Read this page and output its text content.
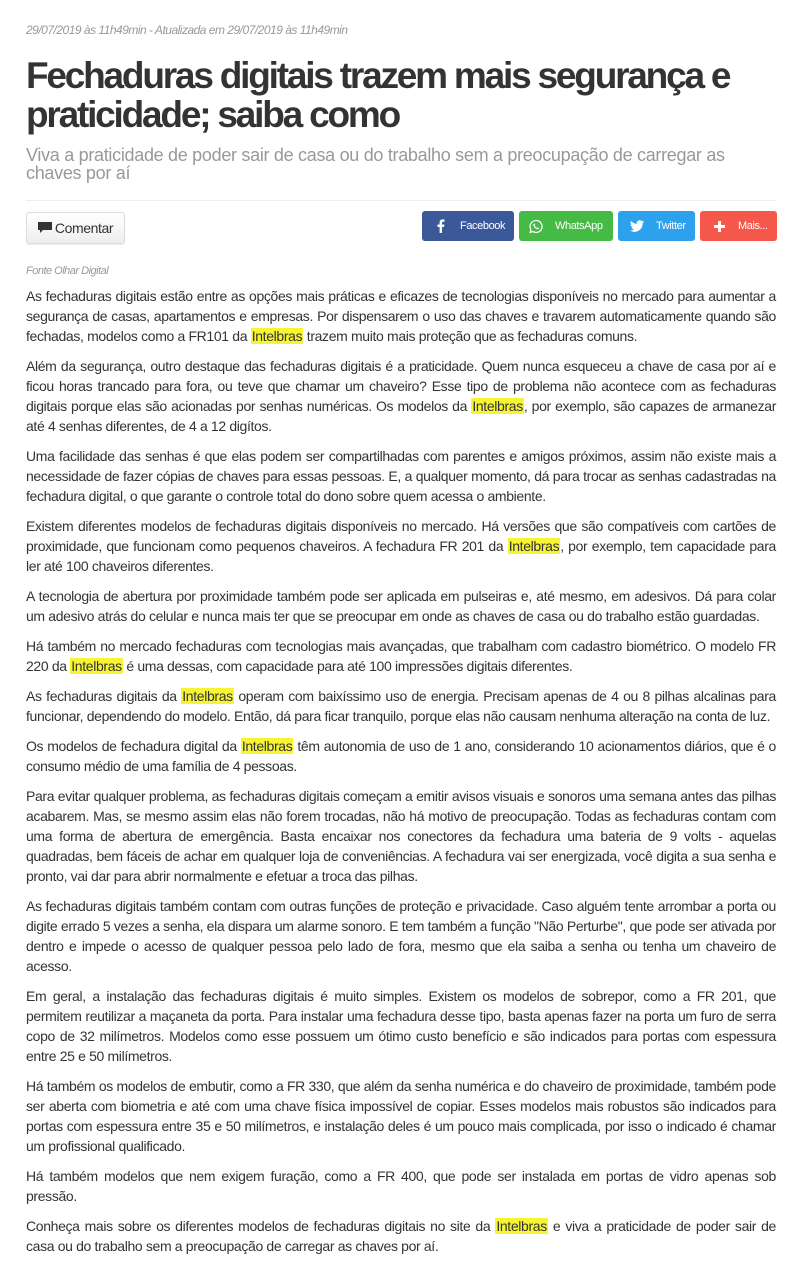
29/07/2019 às 11h49min - Atualizada em 29/07/2019 às 11h49min
Fechaduras digitais trazem mais segurança e praticidade; saiba como

Viva a praticidade de poder sair de casa ou do trabalho sem a preocupação de carregar as chaves por aí

Comentar	Facebook	WhatsApp	Twitter	Mais...
Fonte Olhar Digital

As fechaduras digitais estão entre as opções mais práticas e eficazes de tecnologias disponíveis no mercado para aumentar a segurança de casas, apartamentos e empresas. Por dispensarem o uso das chaves e travarem automaticamente quando são fechadas, modelos como a FR101 da Intelbras trazem muito mais proteção que as fechaduras comuns.

Além da segurança, outro destaque das fechaduras digitais é a praticidade. Quem nunca esqueceu a chave de casa por aí e ficou horas trancado para fora, ou teve que chamar um chaveiro? Esse tipo de problema não acontece com as fechaduras digitais porque elas são acionadas por senhas numéricas. Os modelos da Intelbras, por exemplo, são capazes de armanezar até 4 senhas diferentes, de 4 a 12 digítos.

Uma facilidade das senhas é que elas podem ser compartilhadas com parentes e amigos próximos, assim não existe mais a necessidade de fazer cópias de chaves para essas pessoas. E, a qualquer momento, dá para trocar as senhas cadastradas na fechadura digital, o que garante o controle total do dono sobre quem acessa o ambiente.

Existem diferentes modelos de fechaduras digitais disponíveis no mercado. Há versões que são compatíveis com cartões de proximidade, que funcionam como pequenos chaveiros. A fechadura FR 201 da Intelbras, por exemplo, tem capacidade para ler até 100 chaveiros diferentes.

A tecnologia de abertura por proximidade também pode ser aplicada em pulseiras e, até mesmo, em adesivos. Dá para colar um adesivo atrás do celular e nunca mais ter que se preocupar em onde as chaves de casa ou do trabalho estão guardadas.

Há também no mercado fechaduras com tecnologias mais avançadas, que trabalham com cadastro biométrico. O modelo FR 220 da Intelbras é uma dessas, com capacidade para até 100 impressões digitais diferentes.

As fechaduras digitais da Intelbras operam com baixíssimo uso de energia. Precisam apenas de 4 ou 8 pilhas alcalinas para funcionar, dependendo do modelo. Então, dá para ficar tranquilo, porque elas não causam nenhuma alteração na conta de luz.

Os modelos de fechadura digital da Intelbras têm autonomia de uso de 1 ano, considerando 10 acionamentos diários, que é o consumo médio de uma família de 4 pessoas.

Para evitar qualquer problema, as fechaduras digitais começam a emitir avisos visuais e sonoros uma semana antes das pilhas acabarem. Mas, se mesmo assim elas não forem trocadas, não há motivo de preocupação. Todas as fechaduras contam com uma forma de abertura de emergência. Basta encaixar nos conectores da fechadura uma bateria de 9 volts - aquelas quadradas, bem fáceis de achar em qualquer loja de conveniências. A fechadura vai ser energizada, você digita a sua senha e pronto, vai dar para abrir normalmente e efetuar a troca das pilhas.

As fechaduras digitais também contam com outras funções de proteção e privacidade. Caso alguém tente arrombar a porta ou digite errado 5 vezes a senha, ela dispara um alarme sonoro. E tem também a função "Não Perturbe", que pode ser ativada por dentro e impede o acesso de qualquer pessoa pelo lado de fora, mesmo que ela saiba a senha ou tenha um chaveiro de acesso.

Em geral, a instalação das fechaduras digitais é muito simples. Existem os modelos de sobrepor, como a FR 201, que permitem reutilizar a maçaneta da porta. Para instalar uma fechadura desse tipo, basta apenas fazer na porta um furo de serra copo de 32 milímetros. Modelos como esse possuem um ótimo custo benefício e são indicados para portas com espessura entre 25 e 50 milímetros.

Há também os modelos de embutir, como a FR 330, que além da senha numérica e do chaveiro de proximidade, também pode ser aberta com biometria e até com uma chave física impossível de copiar. Esses modelos mais robustos são indicados para portas com espessura entre 35 e 50 milímetros, e instalação deles é um pouco mais complicada, por isso o indicado é chamar um profissional qualificado.

Há também modelos que nem exigem furação, como a FR 400, que pode ser instalada em portas de vidro apenas sob pressão.

Conheça mais sobre os diferentes modelos de fechaduras digitais no site da Intelbras e viva a praticidade de poder sair de casa ou do trabalho sem a preocupação de carregar as chaves por aí.
